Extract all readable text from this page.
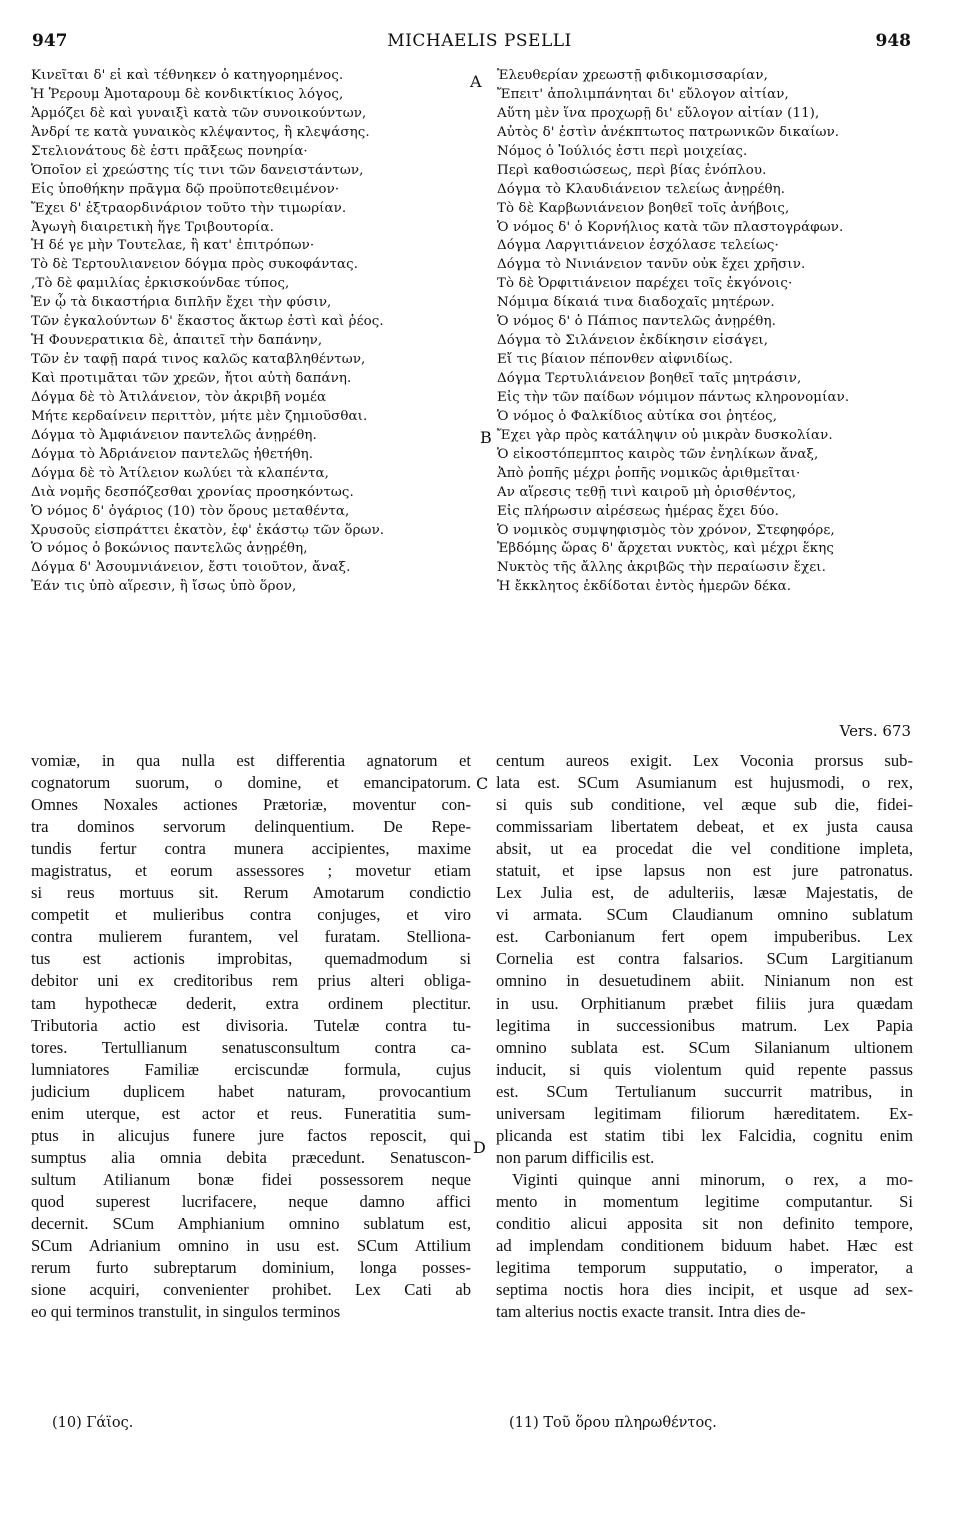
947	MICHAELIS PSELLI	948
Κινεῖται δ' εἰ καὶ τέθνηκεν ὁ κατηγορημένος.
Ἡ Ῥερουμ Ἀμοταρουμ δὲ κονδικτίκιος λόγος,
Ἁρμόζει δὲ καὶ γυναιξὶ κατὰ τῶν συνοικούντων,
Ἀνδρί τε κατὰ γυναικὸς κλέψαντος, ἢ κλεψάσης.
Στελιονάτους δὲ ἐστι πρᾶξεως πονηρία·
Ὁποῖον εἰ χρεώστης τίς τινι τῶν δανειστάντων,
Εἰς ὑποθήκην πρᾶγμα δῷ προϋποτεθειμένον·
Ἔχει δ' ἐξτραορδινάριον τοῦτο τὴν τιμωρίαν.
Ἀγωγὴ διαιρετικὴ ἥγε Τριβουτορία.
Ἡ δέ γε μὴν Τουτελαε, ἢ κατ' ἐπιτρόπων·
Τὸ δὲ Τερτουλιανειον δόγμα πρὸς συκοφάντας.
,Τὸ δὲ φαμιλίας ἐρκισκούνδαε τύπος,
Ἐν ᾧ τὰ δικαστήρια διπλῆν ἔχει τὴν φύσιν,
Τῶν ἐγκαλούντων δ' ἕκαστος ἄκτωρ ἐστὶ καὶ ῥέος.
Ἡ Φουνερατικια δὲ, ἀπαιτεῖ τὴν δαπάνην,
Τῶν ἐν ταφῇ παρά τινος καλῶς καταβληθέντων,
Καὶ προτιμᾶται τῶν χρεῶν, ἤτοι αὐτὴ δαπάνη.
Δόγμα δὲ τὸ Ἀτιλάνειον, τὸν ἀκριβῆ νομέα
Μήτε κερδαίνειν περιττὸν, μήτε μὲν ζημιοῦσθαι.
Δόγμα τὸ Ἀμφιάνειον παντελῶς ἀνῃρέθη.
Δόγμα τὸ Ἀδριάνειον παντελῶς ἠθετήθη.
Δόγμα δὲ τὸ Ἀτίλειον κωλύει τὰ κλαπέντα,
Διὰ νομῆς δεσπόζεσθαι χρονίας προσηκόντως.
Ὁ νόμος δ' ὀγάριος (10) τὸν ὅρους μεταθέντα,
Χρυσοῦς εἰσπράττει ἑκατὸν, ἐφ' ἑκάστῳ τῶν ὅρων.
Ὁ νόμος ὁ βοκώνιος παντελῶς ἀνῃρέθη,
Δόγμα δ' Ἀσουμνιάνειον, ἔστι τοιοῦτον, ἄναξ.
Ἐάν τις ὑπὸ αἵρεσιν, ἢ ἴσως ὑπὸ ὅρον,
Ἐλευθερίαν χρεωστῇ φιδικομισσαρίαν,
Ἔπειτ' ἀπολιμπάνηται δι' εὔλογον αἰτίαν,
Αὕτη μὲν ἵνα προχωρῇ δι' εὔλογον αἰτίαν (11),
Αὐτὸς δ' ἐστὶν ἀνέκπτωτος πατρωνικῶν δικαίων.
Νόμος ὁ Ἰούλιός ἐστι περὶ μοιχείας.
Περὶ καθοσιώσεως, περὶ βίας ἐνόπλου.
Δόγμα τὸ Κλαυδιάνειον τελείως ἀνῃρέθη.
Τὸ δὲ Καρβωνιάνειον βοηθεῖ τοῖς ἀνήβοις,
Ὁ νόμος δ' ὁ Κορνήλιος κατὰ τῶν πλαστογράφων.
Δόγμα Λαργιτιάνειον ἐσχόλασε τελείως·
Δόγμα τὸ Νινιάνειον τανῦν οὐκ ἔχει χρῆσιν.
Τὸ δὲ Ὀρφιτιάνειον παρέχει τοῖς ἐκγόνοις·
Νόμιμα δίκαιά τινα διαδοχαῖς μητέρων.
Ὁ νόμος δ' ὁ Πάπιος παντελῶς ἀνῃρέθη.
Δόγμα τὸ Σιλάνειον ἐκδίκησιν εἰσάγει,
Εἴ τις βίαιον πέπονθεν αἰφνιδίως.
Δόγμα Τερτυλιάνειον βοηθεῖ ταῖς μητράσιν,
Εἰς τὴν τῶν παίδων νόμιμον πάντως κληρονομίαν.
Ὁ νόμος ὁ Φαλκίδιος αὐτίκα σοι ῥητέος,
Ἔχει γὰρ πρὸς κατάληψιν οὐ μικρὰν δυσκολίαν.
Ὁ εἰκοστόπεμπτος καιρὸς τῶν ἐνηλίκων ἄναξ,
Ἀπὸ ῥοπῆς μέχρι ῥοπῆς νομικῶς ἀριθμεῖται·
Αν αἵρεσις τεθῇ τινὶ καιροῦ μὴ ὁρισθέντος,
Εἰς πλήρωσιν αἱρέσεως ἡμέρας ἔχει δύο.
Ὁ νομικὸς συμψηφισμὸς τὸν χρόνον, Στεφηφόρε,
Ἑβδόμης ὥρας δ' ἄρχεται νυκτὸς, καὶ μέχρι ἕκης
Νυκτὸς τῆς ἄλλης ἀκριβῶς τὴν περαίωσιν ἔχει.
Ἡ ἔκκλητος ἐκδίδοται ἐντὸς ἡμερῶν δέκα.
A
B
C
D
Vers. 673
vomiæ, in qua nulla est differentia agnatorum et
cognatorum suorum, o domine, et emancipatorum.
Omnes Noxales actiones Prætoriæ, moventur con-
tra dominos servorum delinquentium. De Repe-
tundis fertur contra munera accipientes, maxime
magistratus, et eorum assessores ; movetur etiam
si reus mortuus sit. Rerum Amotarum condictio
competit et mulieribus contra conjuges, et viro
contra mulierem furantem, vel furatam. Stelliona-
tus est actionis improbitas, quemadmodum si
debitor uni ex creditoribus rem prius alteri obliga-
tam hypothecæ dederit, extra ordinem plectitur.
Tributoria actio est divisoria. Tutelæ contra tu-
tores. Tertullianum senatusconsultum contra ca-
lumniatores Familiæ erciscundæ formula, cujus
judicium duplicem habet naturam, provocantium
enim uterque, est actor et reus. Funeratitia sum-
ptus in alicujus funere jure factos reposcit, qui
sumptus alia omnia debita præcedunt. Senatuscon-
sultum Atilianum bonæ fidei possessorem neque
quod superest lucrifacere, neque damno affici
decernit. SCum Amphianium omnino sublatum est,
SCum Adrianium omnino in usu est. SCum Attilium
rerum furto subreptarum dominium, longa posses-
sione acquiri, convenienter prohibet. Lex Cati ab
eo qui terminos transtulit, in singulos terminos
centum aureos exigit. Lex Voconia prorsus sub-
lata est. SCum Asumianum est hujusmodi, o rex,
si quis sub conditione, vel æque sub die, fidei-
commissariam libertatem debeat, et ex justa causa
absit, ut ea procedat die vel conditione impleta,
statuit, et ipse lapsus non est jure patronatus.
Lex Julia est, de adulteriis, læsæ Majestatis, de
vi armata. SCum Claudianum omnino sublatum
est. Carbonianum fert opem impuberibus. Lex
Cornelia est contra falsarios. SCum Largitianum
omnino in desuetudinem abiit. Ninianum non est
in usu. Orphitianum præbet filiis jura quædam
legitima in successionibus matrum. Lex Papia
omnino sublata est. SCum Silanianum ultionem
inducit, si quis violentum quid repente passus
est. SCum Tertulianum succurrit matribus, in
universam legitimam filiorum hæreditatem. Ex-
plicanda est statim tibi lex Falcidia, cognitu enim
non parum difficilis est.
Viginti quinque anni minorum, o rex, a mo-
mento in momentum legitime computantur. Si
conditio alicui apposita sit non definito tempore,
ad implendam conditionem biduum habet. Hæc est
legitima temporum supputatio, o imperator, a
septima noctis hora dies incipit, et usque ad sex-
tam alterius noctis exacte transit. Intra dies de-
(10) Γάϊος.	(11) Τοῦ ὅρου πληρωθέντος.
